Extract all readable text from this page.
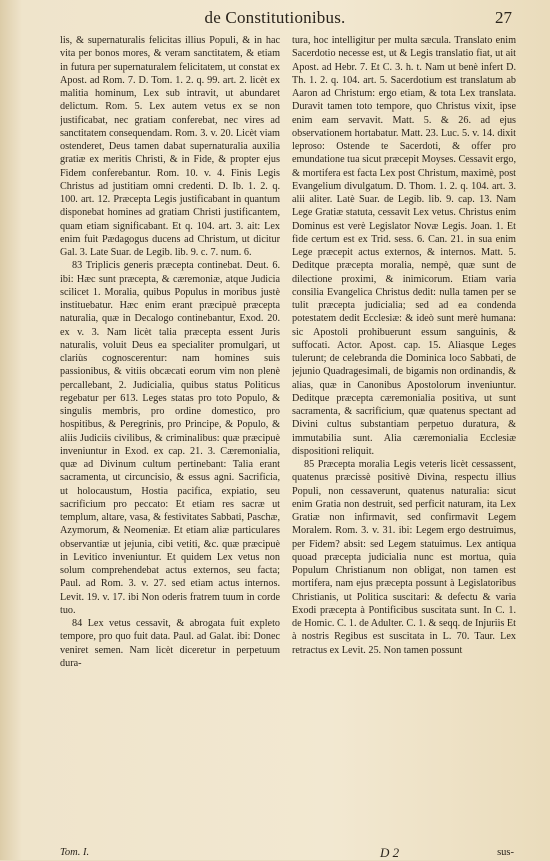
de Constitutionibus.	27

lis, & supernaturalis felicitas illius Populi, & in hac vita per bonos mores, & veram sanctitatem, & etiam in futura per supernaturalem felicitatem, ut constat ex Apost. ad Rom. 7. D. Tom. 1. 2. q. 99. art. 2. licèt ex malitia hominum, Lex sub intravit, ut abundaret delictum. Rom. 5. Lex autem vetus ex se non justificabat, nec gratiam conferebat, nec vires ad sanctitatem consequendam. Rom. 3. v. 20. Licèt viam ostenderet, Deus tamen dabat supernaturalia auxilia gratiæ ex meritis Christi, & in Fide, & propter ejus Fidem conferebantur. Rom. 10. v. 4. Finis Legis Christus ad justitiam omni credenti. D. Ib. 1. 2. q. 100. art. 12. Præcepta Legis justificabant in quantum disponebat homines ad gratiam Christi justificantem, quam etiam significabant. Et q. 104. art. 3. ait: Lex enim fuit Pædagogus ducens ad Christum, ut dicitur Gal. 3. Late Suar. de Legib. lib. 9. c. 7. num. 6.

83 Triplicis generis præcepta continebat. Deut. 6. ibi: Hæc sunt præcepta, & cæremoniæ, atque Judicia scilicet 1. Moralia, quibus Populus in moribus justè instituebatur. Hæc enim erant præcipuè præcepta naturalia, quæ in Decalogo continebantur, Exod. 20. ex v. 3. Nam licèt talia præcepta essent Juris naturalis, voluit Deus ea specialiter promulgari, ut clariùs cognoscerentur: nam homines suis passionibus, & vitiis obcæcati eorum vim non plenè percallebant, 2. Judicialia, quibus status Politicus regebatur per 613. Leges statas pro toto Populo, & singulis membris, pro ordine domestico, pro hospitibus, & Peregrinis, pro Principe, & Populo, & aliis Judiciis civilibus, & criminalibus: quæ præcipuè inveniuntur in Exod. ex cap. 21. 3. Cæremonialia, quæ ad Divinum cultum pertinebant: Talia erant sacramenta, ut circuncisio, & essus agni. Sacrificia, ut holocaustum, Hostia pacifica, expiatio, seu sacrificium pro peccato: Et etiam res sacræ ut templum, altare, vasa, & festivitates Sabbati, Paschæ, Azymorum, & Neomeniæ. Et etiam aliæ particulares observantiæ ut jejunia, cibi vetiti, &c. quæ præcipuè in Levitico inveniuntur. Et quidem Lex vetus non solum comprehendebat actus externos, seu facta; Paul. ad Rom. 3. v. 27. sed etiam actus internos. Levit. 19. v. 17. ibi Non oderis fratrem tuum in corde tuo.

84 Lex vetus cessavit, & abrogata fuit expleto tempore, pro quo fuit data. Paul. ad Galat. ibi: Donec veniret semen. Nam licèt diceretur in perpetuum dura-

tura, hoc intelligitur per multa sæcula. Translato enim Sacerdotio necesse est, ut & Legis translatio fiat, ut ait Apost. ad Hebr. 7. Et C. 3. h. t. Nam ut benè infert D. Th. 1. 2. q. 104. art. 5. Sacerdotium est translatum ab Aaron ad Christum: ergo etiam, & tota Lex translata. Duravit tamen toto tempore, quo Christus vixit, ipse enim eam servavit. Matt. 5. & 26. ad ejus observationem hortabatur. Matt. 23. Luc. 5. v. 14. dixit leproso: Ostende te Sacerdoti, & offer pro emundatione tua sicut præcepit Moyses. Cessavit ergo, & mortifera est facta Lex post Christum, maximè, post Evangelium divulgatum. D. Thom. 1. 2. q. 104. art. 3. alii aliter. Latè Suar. de Legib. lib. 9. cap. 13. Nam Lege Gratiæ statuta, cessavit Lex vetus. Christus enim Dominus est verè Legislator Novæ Legis. Joan. 1. Et fide certum est ex Trid. sess. 6. Can. 21. in sua enim Lege præcepit actus externos, & internos. Matt. 5. Deditque præcepta moralia, nempè, quæ sunt de dilectione proximi, & inimicorum. Etiam varia consilia Evangelica Christus dedit: nulla tamen per se tulit præcepta judicialia; sed ad ea condenda potestatem dedit Ecclesiæ: & ideò sunt merè humana: sic Apostoli prohibuerunt essum sanguinis, & suffocati. Actor. Apost. cap. 15. Aliasque Leges tulerunt; de celebranda die Dominica loco Sabbati, de jejunio Quadragesimali, de bigamis non ordinandis, & alias, quæ in Canonibus Apostolorum inveniuntur. Deditque præcepta cæremonialia positiva, ut sunt sacramenta, & sacrificium, quæ quatenus spectant ad Divini cultus substantiam perpetuo duratura, & immutabilia sunt. Alia cæremonialia Ecclesiæ dispositioni reliquit.

85 Præcepta moralia Legis veteris licèt cessassent, quatenus præcissè positivè Divina, respectu illius Populi, non cessaverunt, quatenus naturalia: sicut enim Gratia non destruit, sed perficit naturam, ita Lex Gratiæ non infirmavit, sed confirmavit Legem Moralem. Rom. 3. v. 31. ibi: Legem ergo destruimus, per Fidem? absit: sed Legem statuimus. Lex antiqua quoad præcepta judicialia nunc est mortua, quia Populum Christianum non obligat, non tamen est mortifera, nam ejus præcepta possunt à Legislatoribus Christianis, ut Politica suscitari: & defectu & varia Exodi præcepta à Pontificibus suscitata sunt. In C. 1. de Homic. C. 1. de Adulter. C. 1. & seqq. de Injuriis Et à nostris Regibus est suscitata in L. 70. Taur. Lex retractus ex Levit. 25. Non tamen possunt

Tom. I.	D 2	sus-
